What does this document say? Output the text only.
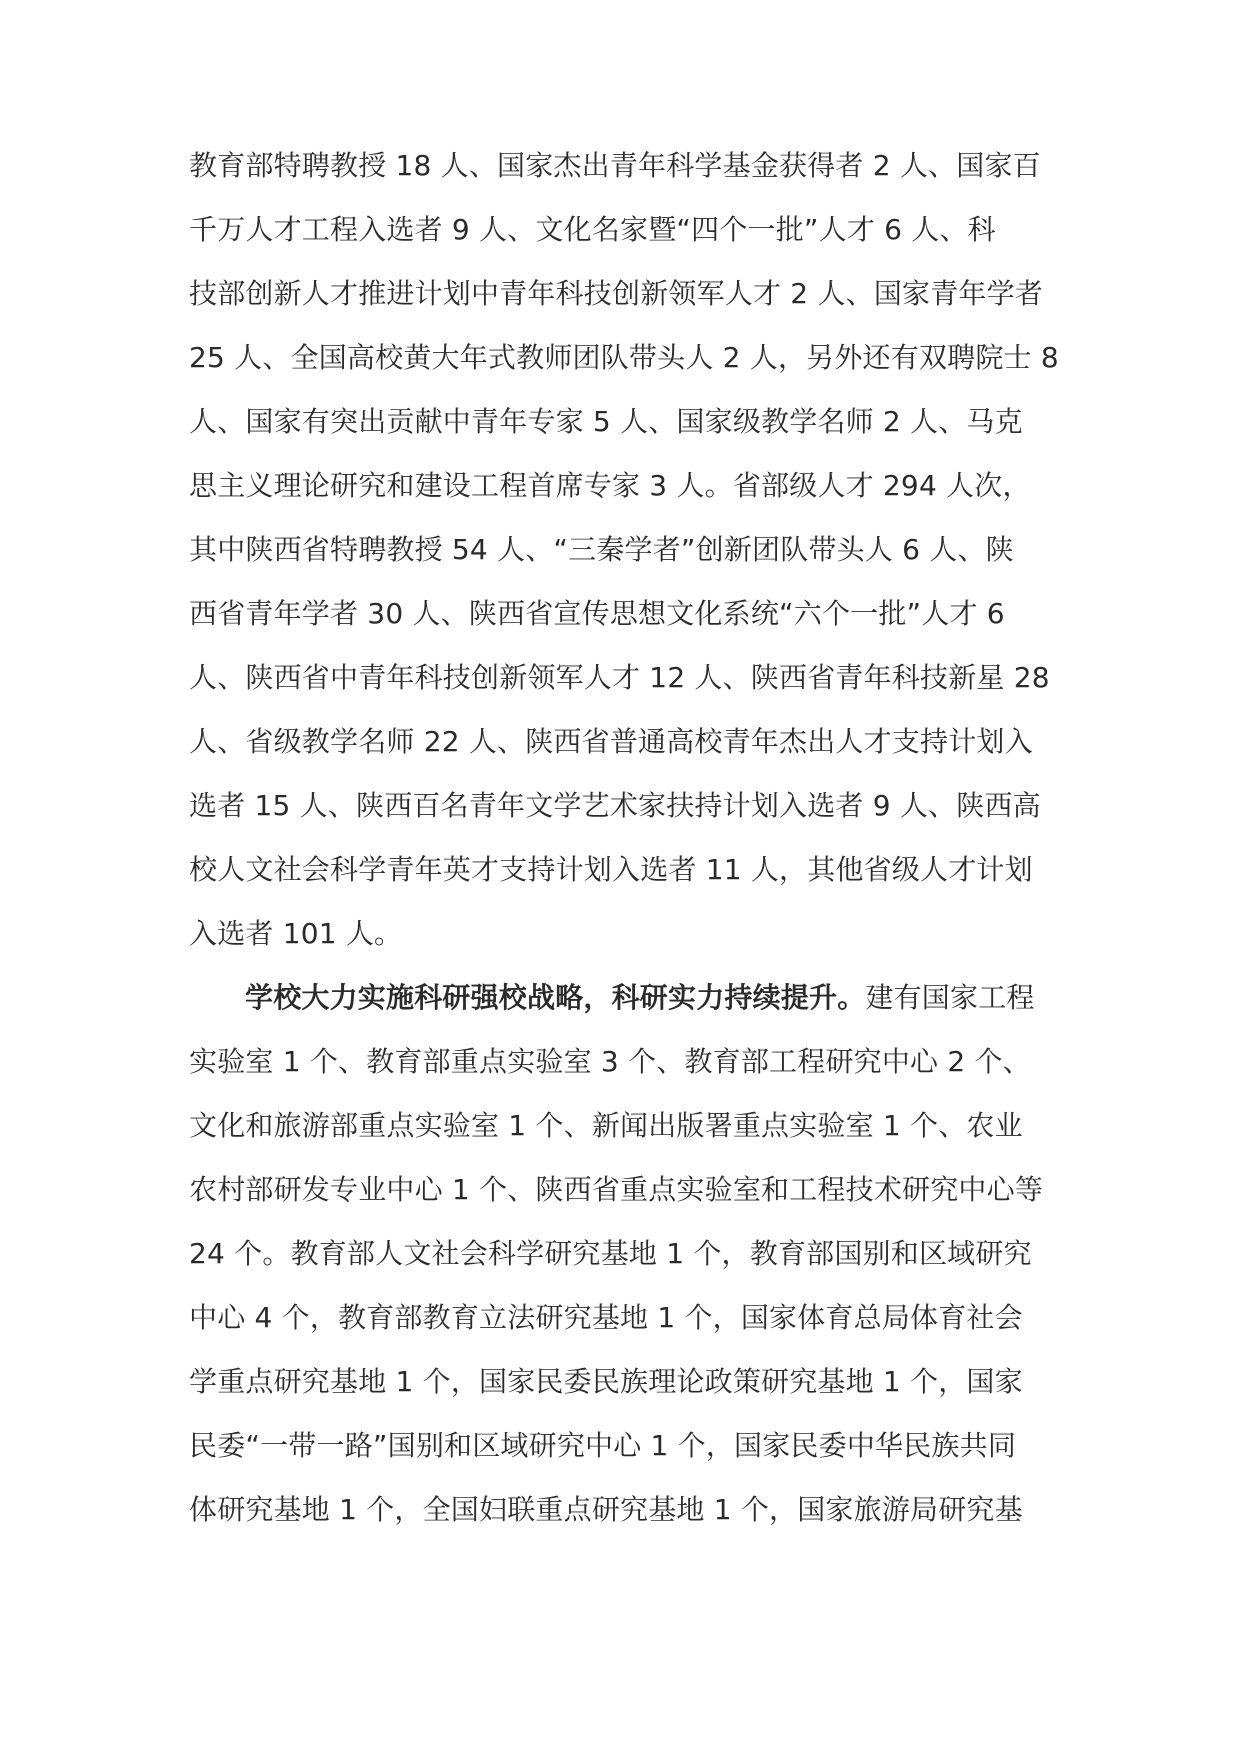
教育部特聘教授 18 人、国家杰出青年科学基金获得者 2 人、国家百
千万人才工程入选者 9 人、文化名家暨“四个一批”人才 6 人、科
技部创新人才推进计划中青年科技创新领军人才 2 人、国家青年学者
25 人、全国高校黄大年式教师团队带头人 2 人，另外还有双聘院士 8
人、国家有突出贡献中青年专家 5 人、国家级教学名师 2 人、马克
思主义理论研究和建设工程首席专家 3 人。省部级人才 294 人次，
其中陕西省特聘教授 54 人、“三秦学者”创新团队带头人 6 人、陕
西省青年学者 30 人、陕西省宣传思想文化系统“六个一批”人才 6
人、陕西省中青年科技创新领军人才 12 人、陕西省青年科技新星 28
人、省级教学名师 22 人、陕西省普通高校青年杰出人才支持计划入
选者 15 人、陕西百名青年文学艺术家扶持计划入选者 9 人、陕西高
校人文社会科学青年英才支持计划入选者 11 人，其他省级人才计划
入选者 101 人。
学校大力实施科研强校战略，科研实力持续提升。建有国家工程
实验室 1 个、教育部重点实验室 3 个、教育部工程研究中心 2 个、
文化和旅游部重点实验室 1 个、新闻出版署重点实验室 1 个、农业
农村部研发专业中心 1 个、陕西省重点实验室和工程技术研究中心等
24 个。教育部人文社会科学研究基地 1 个，教育部国别和区域研究
中心 4 个，教育部教育立法研究基地 1 个，国家体育总局体育社会
学重点研究基地 1 个，国家民委民族理论政策研究基地 1 个，国家
民委“一带一路”国别和区域研究中心 1 个，国家民委中华民族共同
体研究基地 1 个，全国妇联重点研究基地 1 个，国家旅游局研究基
